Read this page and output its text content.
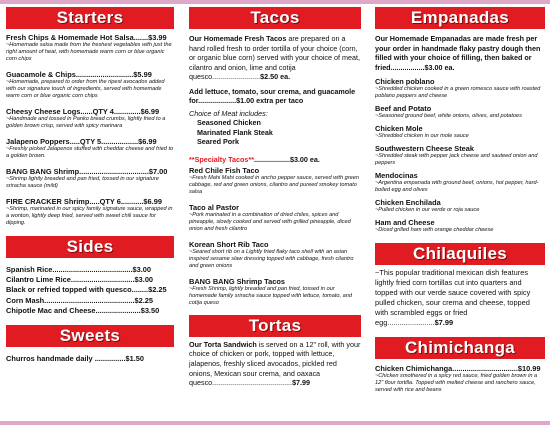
Starters
Fresh Chips & Homemade Hot Salsa.......$3.99
~Homemade salsa made from the freshest vegetables with just the right amount of heat, with homemade warm corn or blue organic corn chips
Guacamole & Chips............................$5.99
~Homemade, prepared to order from the ripest avocados added with our signature touch of ingredients, served with homemade warm corn or blue organic corn chips
Cheesy Cheese Logs......QTY 4.............$6.99
~Handmade and tossed in Panko bread crumbs, lightly fried to a golden brown crisp, served with spicy marinara
Jalapeno Poppers.....QTY 5..................$6.99
~Freshly picked Jalapenos stuffed with cheddar cheese and fried to a golden brown.
BANG BANG Shrimp..................................$7.00
~Shrimp lightly breaded and pan fried, tossed in our signature sriracha sauce (mild)
FIRE CRACKER Shrimp.....QTY 6...........$6.99
~Shrimp, marinated in our spicy family signature sauce, wrapped in a wonton, lightly deep fried, served with sweet chili sauce for dipping.
Sides
Spanish Rice.......................................$3.00
Cilantro Lime Rice...............................$3.00
Black or refried topped with quesco........$2.25
Corn Mash............................................$2.25
Chipotle Mac and Cheese......................$3.50
Sweets
Churros handmade daily ...............$1.50
Tacos
Our Homemade Fresh Tacos are prepared on a hand rolled fresh to order tortilla of your choice (corn, or organic blue corn) served with your choice of meat, cilantro and onion, lime and cotija quesco........................$2.50 ea.
Add lettuce, tomato, sour crema, and guacamole for...................$1.00 extra per taco
Choice of Meat includes:
Seasoned Chicken
Marinated Flank Steak
Seared Pork
**Specialty Tacos**..................$3.00 ea.
Red Chile Fish Taco
~Fresh Mahi Mahi cooked in ancho pepper sauce, served with green cabbage, red and green onions, cilantro and pureed smokey tomato salsa
Taco al Pastor
~Pork marinated in a combination of dried chiles, spices and pineapple, slowly cooked and served with grilled pineapple, diced onion and fresh cilantro
Korean Short Rib Taco
~Seared short rib on a Lightly fried flaky taco shell with an asian inspired sesame slaw dressing topped with cabbage, fresh cilantro and green onions
BANG BANG Shrimp Tacos
~Fresh Shrimp, lightly breaded and pan fried, tossed in our homemade family sriracha sauce topped with lettuce, tomato, and cotija queso
Tortas
Our Torta Sandwich is served on a 12" roll, with your choice of chicken or pork, topped with lettuce, jalapenos, freshly sliced avocados, pickled red onions, Mexican sour crema, and oaxaca quesco........................................$7.99
Empanadas
Our Homemade Empanadas are made fresh per your order in handmade flaky pastry dough then filled with your choice of filling, then baked or fried.................$3.00 ea.
Chicken poblano
~Shredded chicken cooked in a green romesco sauce with roasted poblano peppers and cheese
Beef and Potato
~Seasoned ground beef, white onions, olives, and potatoes
Chicken Mole
~Shredded chicken in our mole sauce
Southwestern Cheese Steak
~Shredded steak with pepper jack cheese and sauteed onion and peppers
Mendocinas
~Argentina empanada with ground beef, onions, hot pepper, hard-boiled egg and olives
Chicken Enchilada
~Pulled chicken in our verde or roja sauce
Ham and Cheese
~Diced grilled ham with orange cheddar cheese
Chilaquiles
~This popular traditional mexican dish features lightly fried corn tortillas cut into quarters and topped with our verde sauce covered with spicy pulled chicken, sour crema and cheese, topped with scrambled eggs or fried egg.......................$7.99
Chimichanga
Chicken Chimichanga................................$10.99
~Chicken smothered in a spicy red sauce, fried golden brown in a 12" flour tortilla. Topped with melted cheese and ranchero sauce, served with rice and beans
